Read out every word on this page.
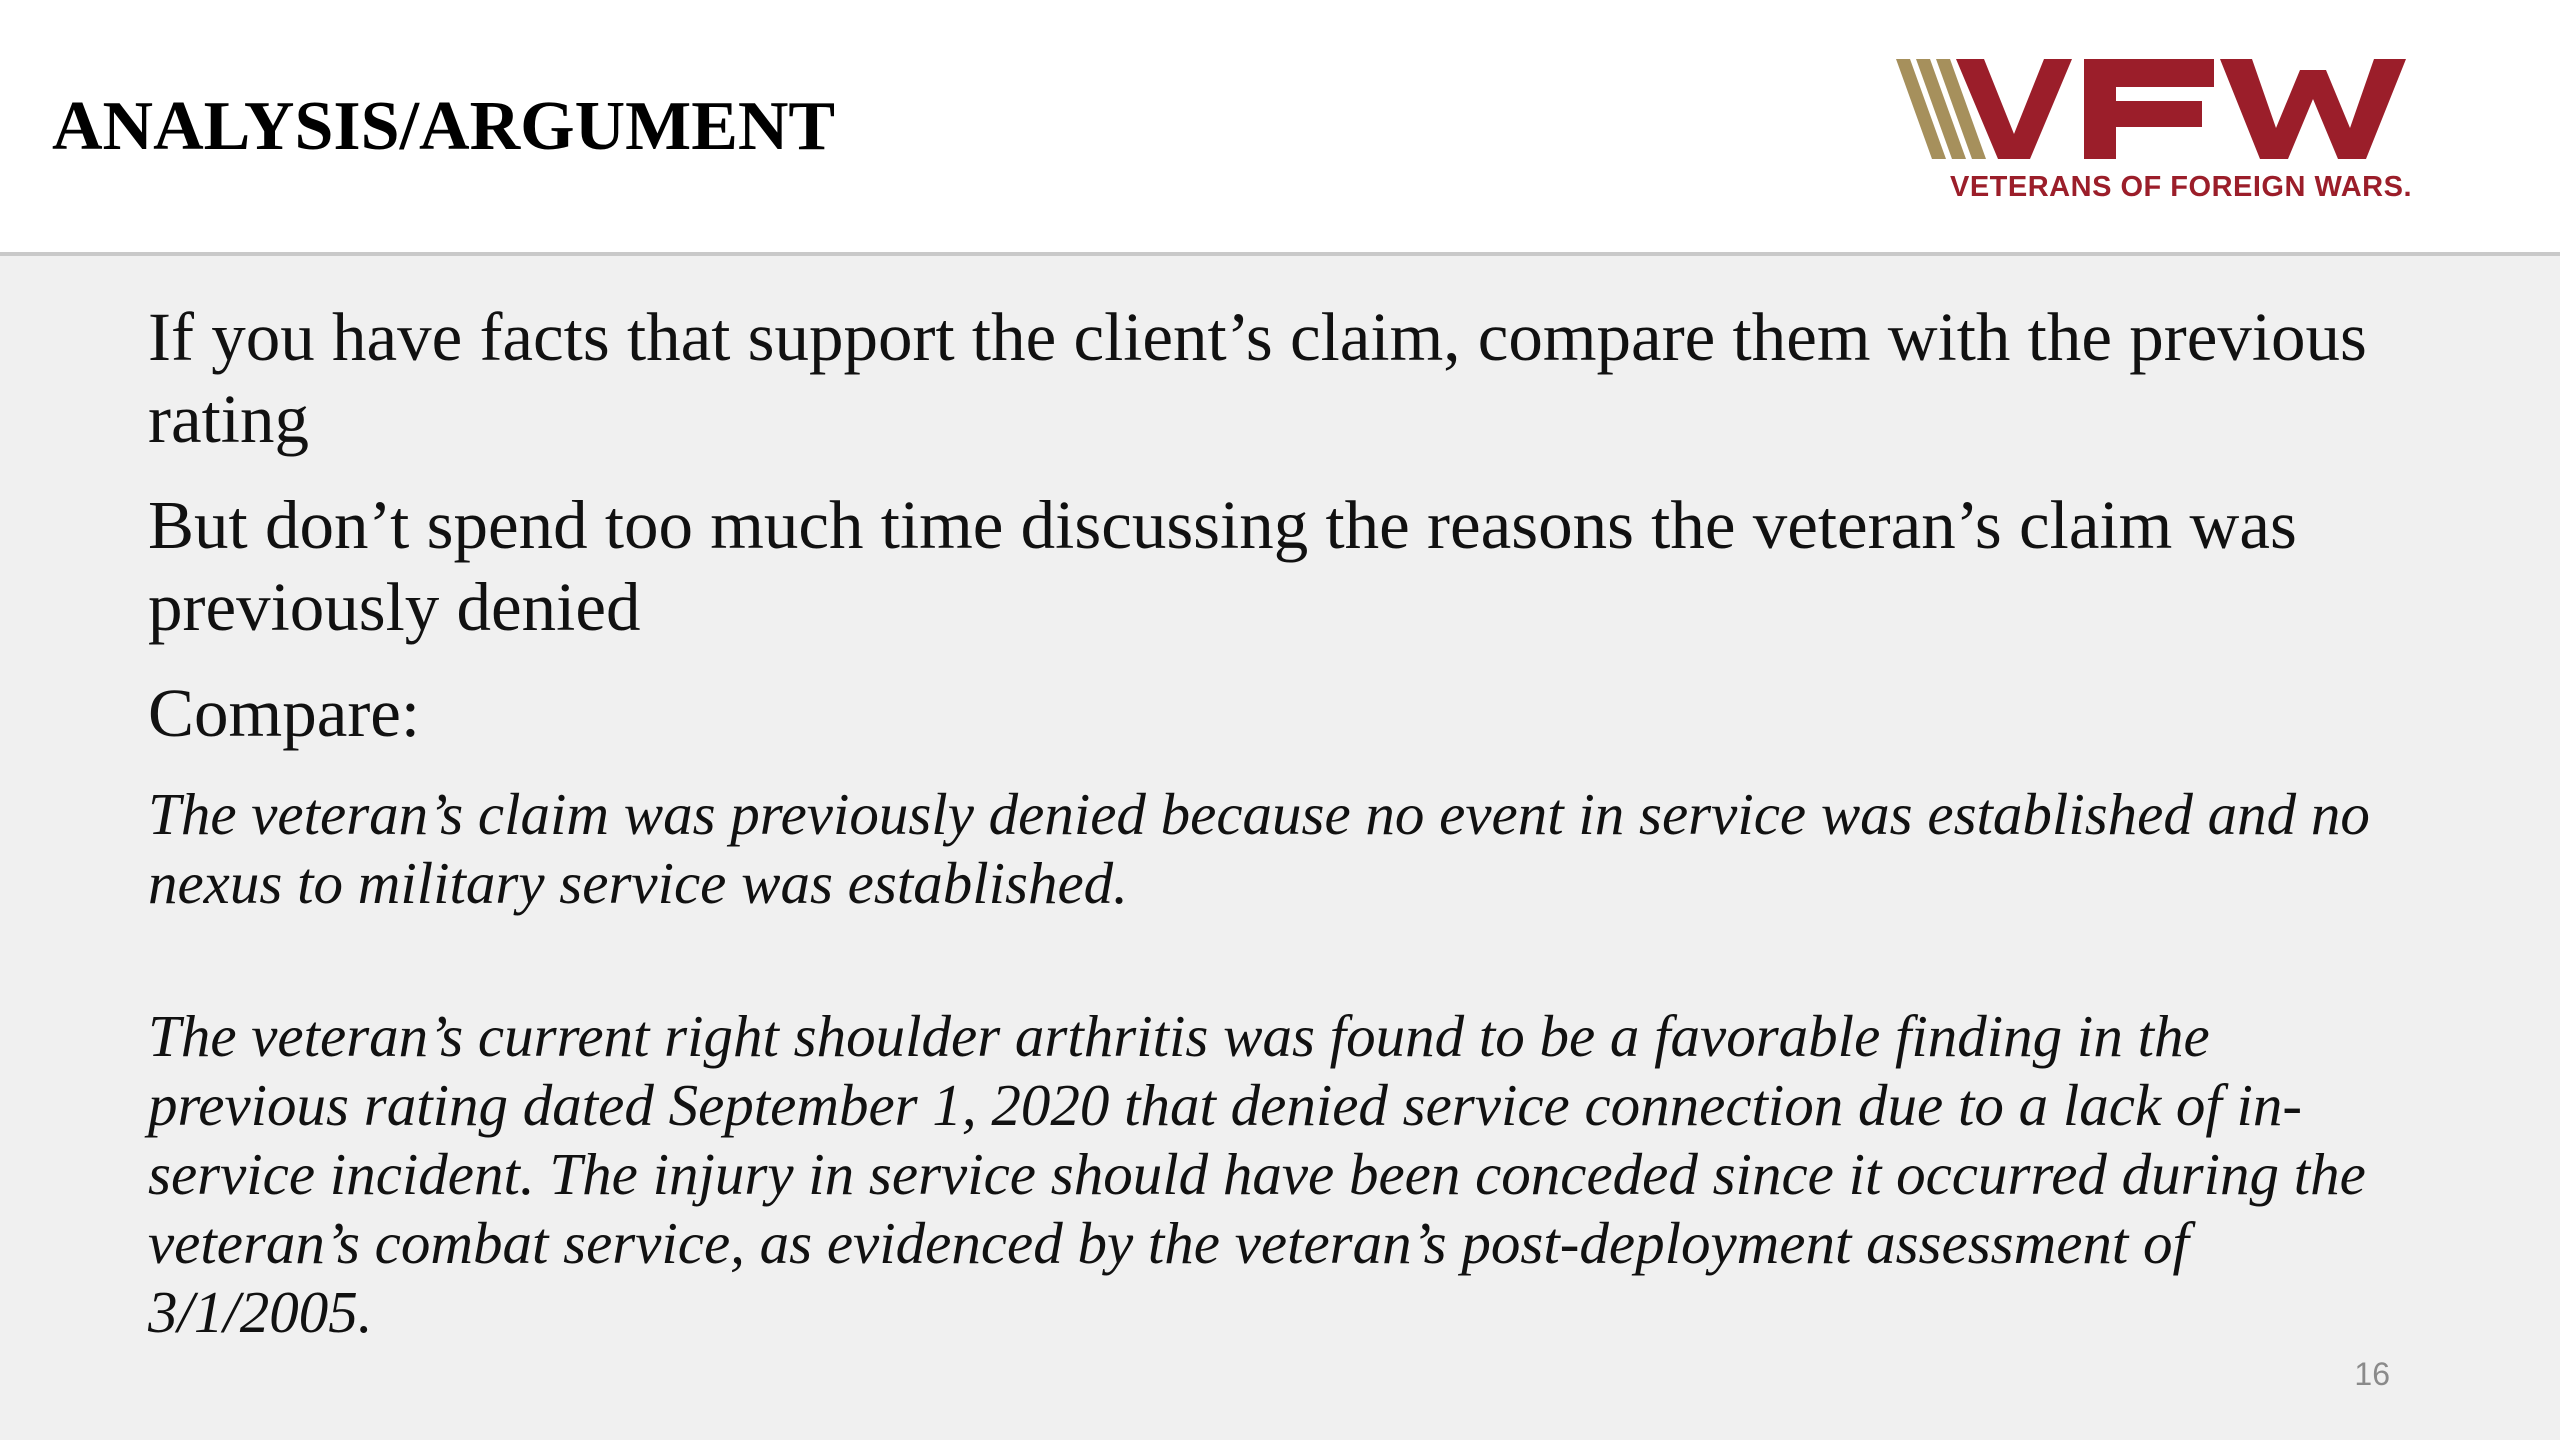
ANALYSIS/ARGUMENT
VETERANS OF FOREIGN WARS.

If you have facts that support the client’s claim, compare them with the previous rating

But don’t spend too much time discussing the reasons the veteran’s claim was previously denied

Compare:

The veteran’s claim was previously denied because no event in service was established and no nexus to military service was established.

The veteran’s current right shoulder arthritis was found to be a favorable finding in the previous rating dated September 1, 2020 that denied service connection due to a lack of in-service incident. The injury in service should have been conceded since it occurred during the veteran’s combat service, as evidenced by the veteran’s post-deployment assessment of 3/1/2005.

16
